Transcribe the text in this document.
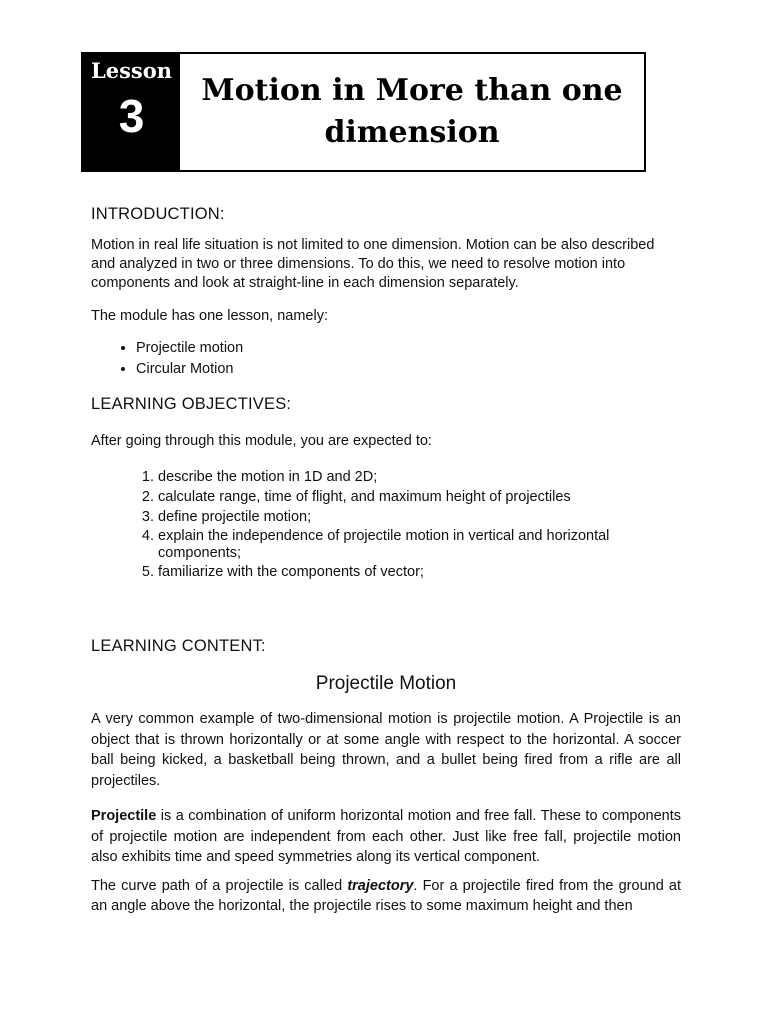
Lesson
3	Motion in More than one dimension
INTRODUCTION:

Motion in real life situation is not limited to one dimension. Motion can be also described and analyzed in two or three dimensions. To do this, we need to resolve motion into components and look at straight-line in each dimension separately.

The module has one lesson, namely:

• Projectile motion
• Circular Motion
LEARNING OBJECTIVES:

After going through this module, you are expected to:

1. describe the motion in 1D and 2D;
2. calculate range, time of flight, and maximum height of projectiles
3. define projectile motion;
4. explain the independence of projectile motion in vertical and horizontal components;
5. familiarize with the components of vector;
LEARNING CONTENT:

Projectile Motion

A very common example of two-dimensional motion is projectile motion. A Projectile is an object that is thrown horizontally or at some angle with respect to the horizontal. A soccer ball being kicked, a basketball being thrown, and a bullet being fired from a rifle are all projectiles.

Projectile is a combination of uniform horizontal motion and free fall. These to components of projectile motion are independent from each other. Just like free fall, projectile motion also exhibits time and speed symmetries along its vertical component.

The curve path of a projectile is called trajectory. For a projectile fired from the ground at an angle above the horizontal, the projectile rises to some maximum height and then
